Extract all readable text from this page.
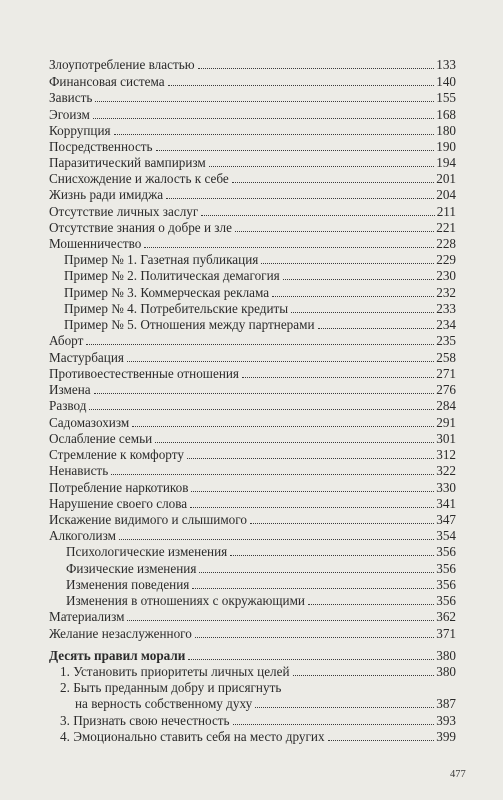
Злоупотребление властью	133
Финансовая система	140
Зависть	155
Эгоизм	168
Коррупция	180
Посредственность	190
Паразитический вампиризм	194
Снисхождение и жалость к себе	201
Жизнь ради имиджа	204
Отсутствие личных заслуг	211
Отсутствие знания о добре и зле	221
Мошенничество	228
Пример № 1. Газетная публикация	229
Пример № 2. Политическая демагогия	230
Пример № 3. Коммерческая реклама	232
Пример № 4. Потребительские кредиты	233
Пример № 5. Отношения между партнерами	234
Аборт	235
Мастурбация	258
Противоестественные отношения	271
Измена	276
Развод	284
Садомазохизм	291
Ослабление семьи	301
Стремление к комфорту	312
Ненависть	322
Потребление наркотиков	330
Нарушение своего слова	341
Искажение видимого и слышимого	347
Алкоголизм	354
Психологические изменения	356
Физические изменения	356
Изменения поведения	356
Изменения в отношениях с окружающими	356
Материализм	362
Желание незаслуженного	371
Десять правил морали	380
1. Установить приоритеты личных целей	380
2. Быть преданным добру и присягнуть
на верность собственному духу	387
3. Признать свою нечестность	393
4. Эмоционально ставить себя на место других	399
477
